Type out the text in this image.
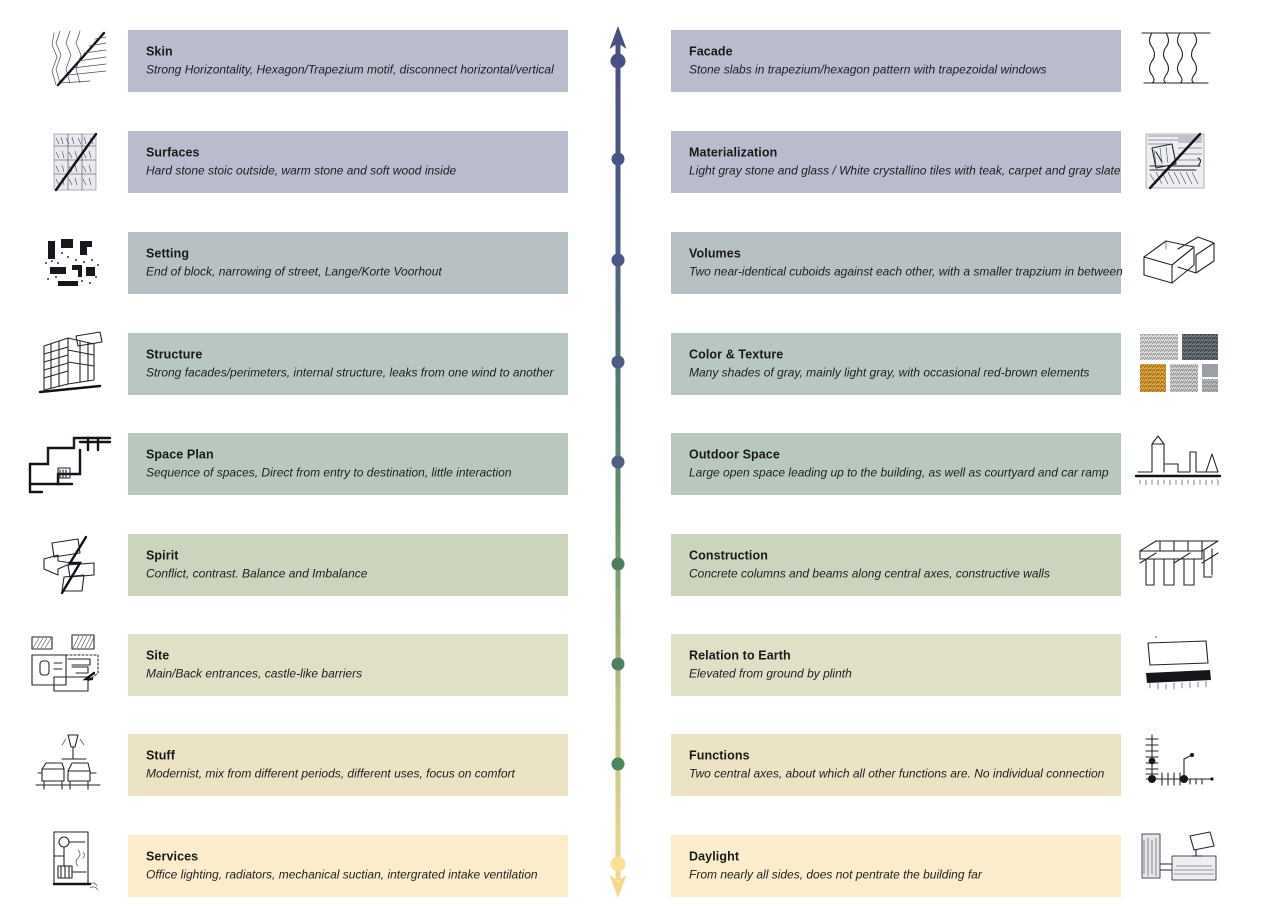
Skin
Strong Horizontality, Hexagon/Trapezium motif, disconnect horizontal/vertical
Surfaces
Hard stone stoic outside, warm stone and soft wood inside
Setting
End of block, narrowing of street, Lange/Korte Voorhout
Structure
Strong facades/perimeters, internal structure, leaks from one wind to another
Space Plan
Sequence of spaces, Direct from entry to destination, little interaction
Spirit
Conflict, contrast. Balance and Imbalance
Site
Main/Back entrances, castle-like barriers
Stuff
Modernist, mix from different periods, different uses, focus on comfort
Services
Office lighting, radiators, mechanical suctian, intergrated intake ventilation
Facade
Stone slabs in trapezium/hexagon pattern with trapezoidal windows
Materialization
Light gray stone and glass / White crystallino tiles with teak, carpet and gray slate
Volumes
Two near-identical cuboids against each other, with a smaller trapzium in between
Color & Texture
Many shades of gray, mainly light gray, with occasional red-brown elements
Outdoor Space
Large open space leading up to the building, as well as courtyard and car ramp
Construction
Concrete columns and beams along central axes, constructive walls
Relation to Earth
Elevated from ground by plinth
Functions
Two central axes, about which all other functions are. No individual connection
Daylight
From nearly all sides, does not pentrate the building far
